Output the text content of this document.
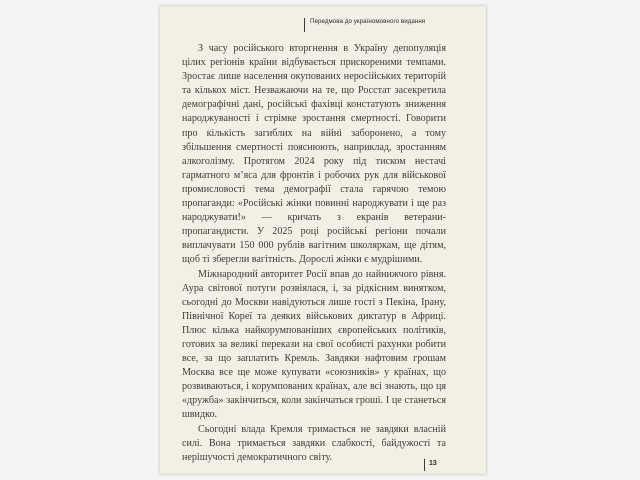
Передмова до україномовного видання

З часу російського вторгнення в Україну депопуляція цілих регіонів країни відбувається прискореними темпами. Зростає лише населення окупованих неросійських територій та кількох міст. Незважаючи на те, що Росстат засекретила демографічні дані, російські фахівці констатують зниження народжуваності і стрімке зростання смертності. Говорити про кількість загиблих на війні заборонено, а тому збільшення смертності пояснюють, наприклад, зростанням алкоголізму. Протягом 2024 року під тиском нестачі гарматного м’яса для фронтів і робочих рук для військової промисловості тема демографії стала гарячою темою пропаганди: «Російські жінки повинні народжувати і ще раз народжувати!» — кричать з екранів ветерани-пропагандисти. У 2025 році російські регіони почали виплачувати 150 000 рублів вагітним школяркам, ще дітям, щоб ті зберегли вагітність. Дорослі жінки є мудрішими.

Міжнародний авторитет Росії впав до найнижчого рівня. Аура світової потуги розвіялася, і, за рідкісним винятком, сьогодні до Москви навідуються лише гості з Пекіна, Ірану, Північної Кореї та деяких військових диктатур в Африці. Плюс кілька найкорумпованіших європейських політиків, готових за великі перекази на свої особисті рахунки робити все, за що заплатить Кремль. Завдяки нафтовим грошам Москва все ще може купувати «союзників» у країнах, що розвиваються, і корумпованих країнах, але всі знають, що ця «дружба» закінчиться, коли закінчаться гроші. І це станеться швидко.

Сьогодні влада Кремля тримається не завдяки власній силі. Вона тримається завдяки слабкості, байдужості та нерішучості демократичного світу.

13
